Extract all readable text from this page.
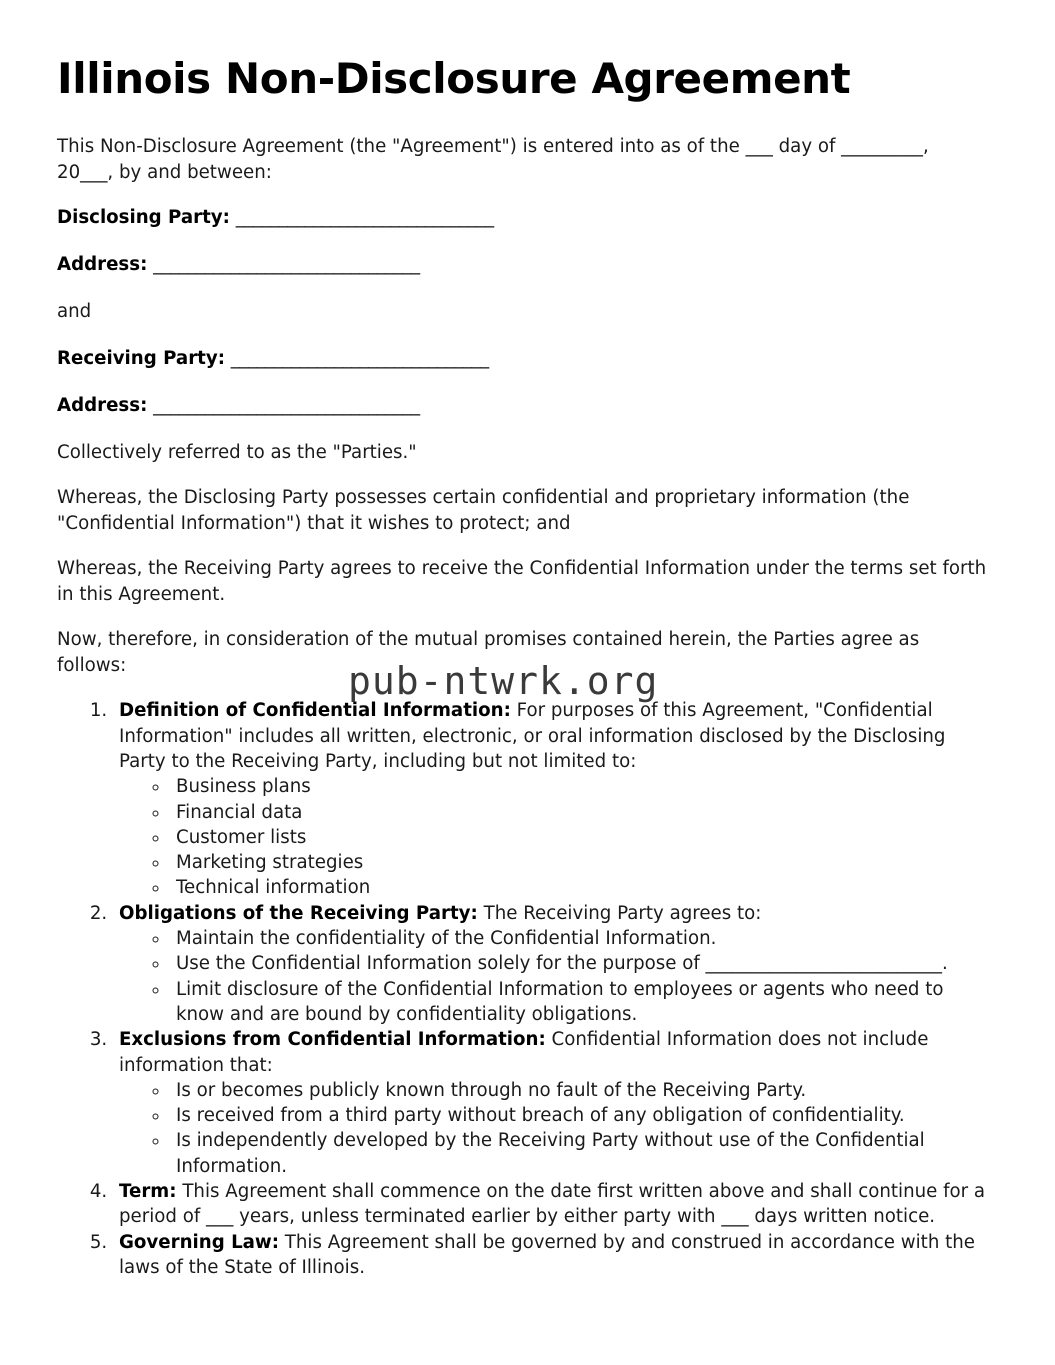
Illinois Non-Disclosure Agreement

This Non-Disclosure Agreement (the "Agreement") is entered into as of the ___ day of _________, 20___, by and between:

Disclosing Party: ______________________________

Address: _______________________________

and

Receiving Party: ______________________________

Address: _______________________________

Collectively referred to as the "Parties."

Whereas, the Disclosing Party possesses certain confidential and proprietary information (the "Confidential Information") that it wishes to protect; and

Whereas, the Receiving Party agrees to receive the Confidential Information under the terms set forth in this Agreement.

Now, therefore, in consideration of the mutual promises contained herein, the Parties agree as follows:

1. Definition of Confidential Information: For purposes of this Agreement, "Confidential Information" includes all written, electronic, or oral information disclosed by the Disclosing Party to the Receiving Party, including but not limited to:
◦ Business plans
◦ Financial data
◦ Customer lists
◦ Marketing strategies
◦ Technical information
2. Obligations of the Receiving Party: The Receiving Party agrees to:
◦ Maintain the confidentiality of the Confidential Information.
◦ Use the Confidential Information solely for the purpose of __________________________.
◦ Limit disclosure of the Confidential Information to employees or agents who need to know and are bound by confidentiality obligations.
3. Exclusions from Confidential Information: Confidential Information does not include information that:
◦ Is or becomes publicly known through no fault of the Receiving Party.
◦ Is received from a third party without breach of any obligation of confidentiality.
◦ Is independently developed by the Receiving Party without use of the Confidential Information.
4. Term: This Agreement shall commence on the date first written above and shall continue for a period of ___ years, unless terminated earlier by either party with ___ days written notice.
5. Governing Law: This Agreement shall be governed by and construed in accordance with the laws of the State of Illinois.
pub-ntwrk.org
